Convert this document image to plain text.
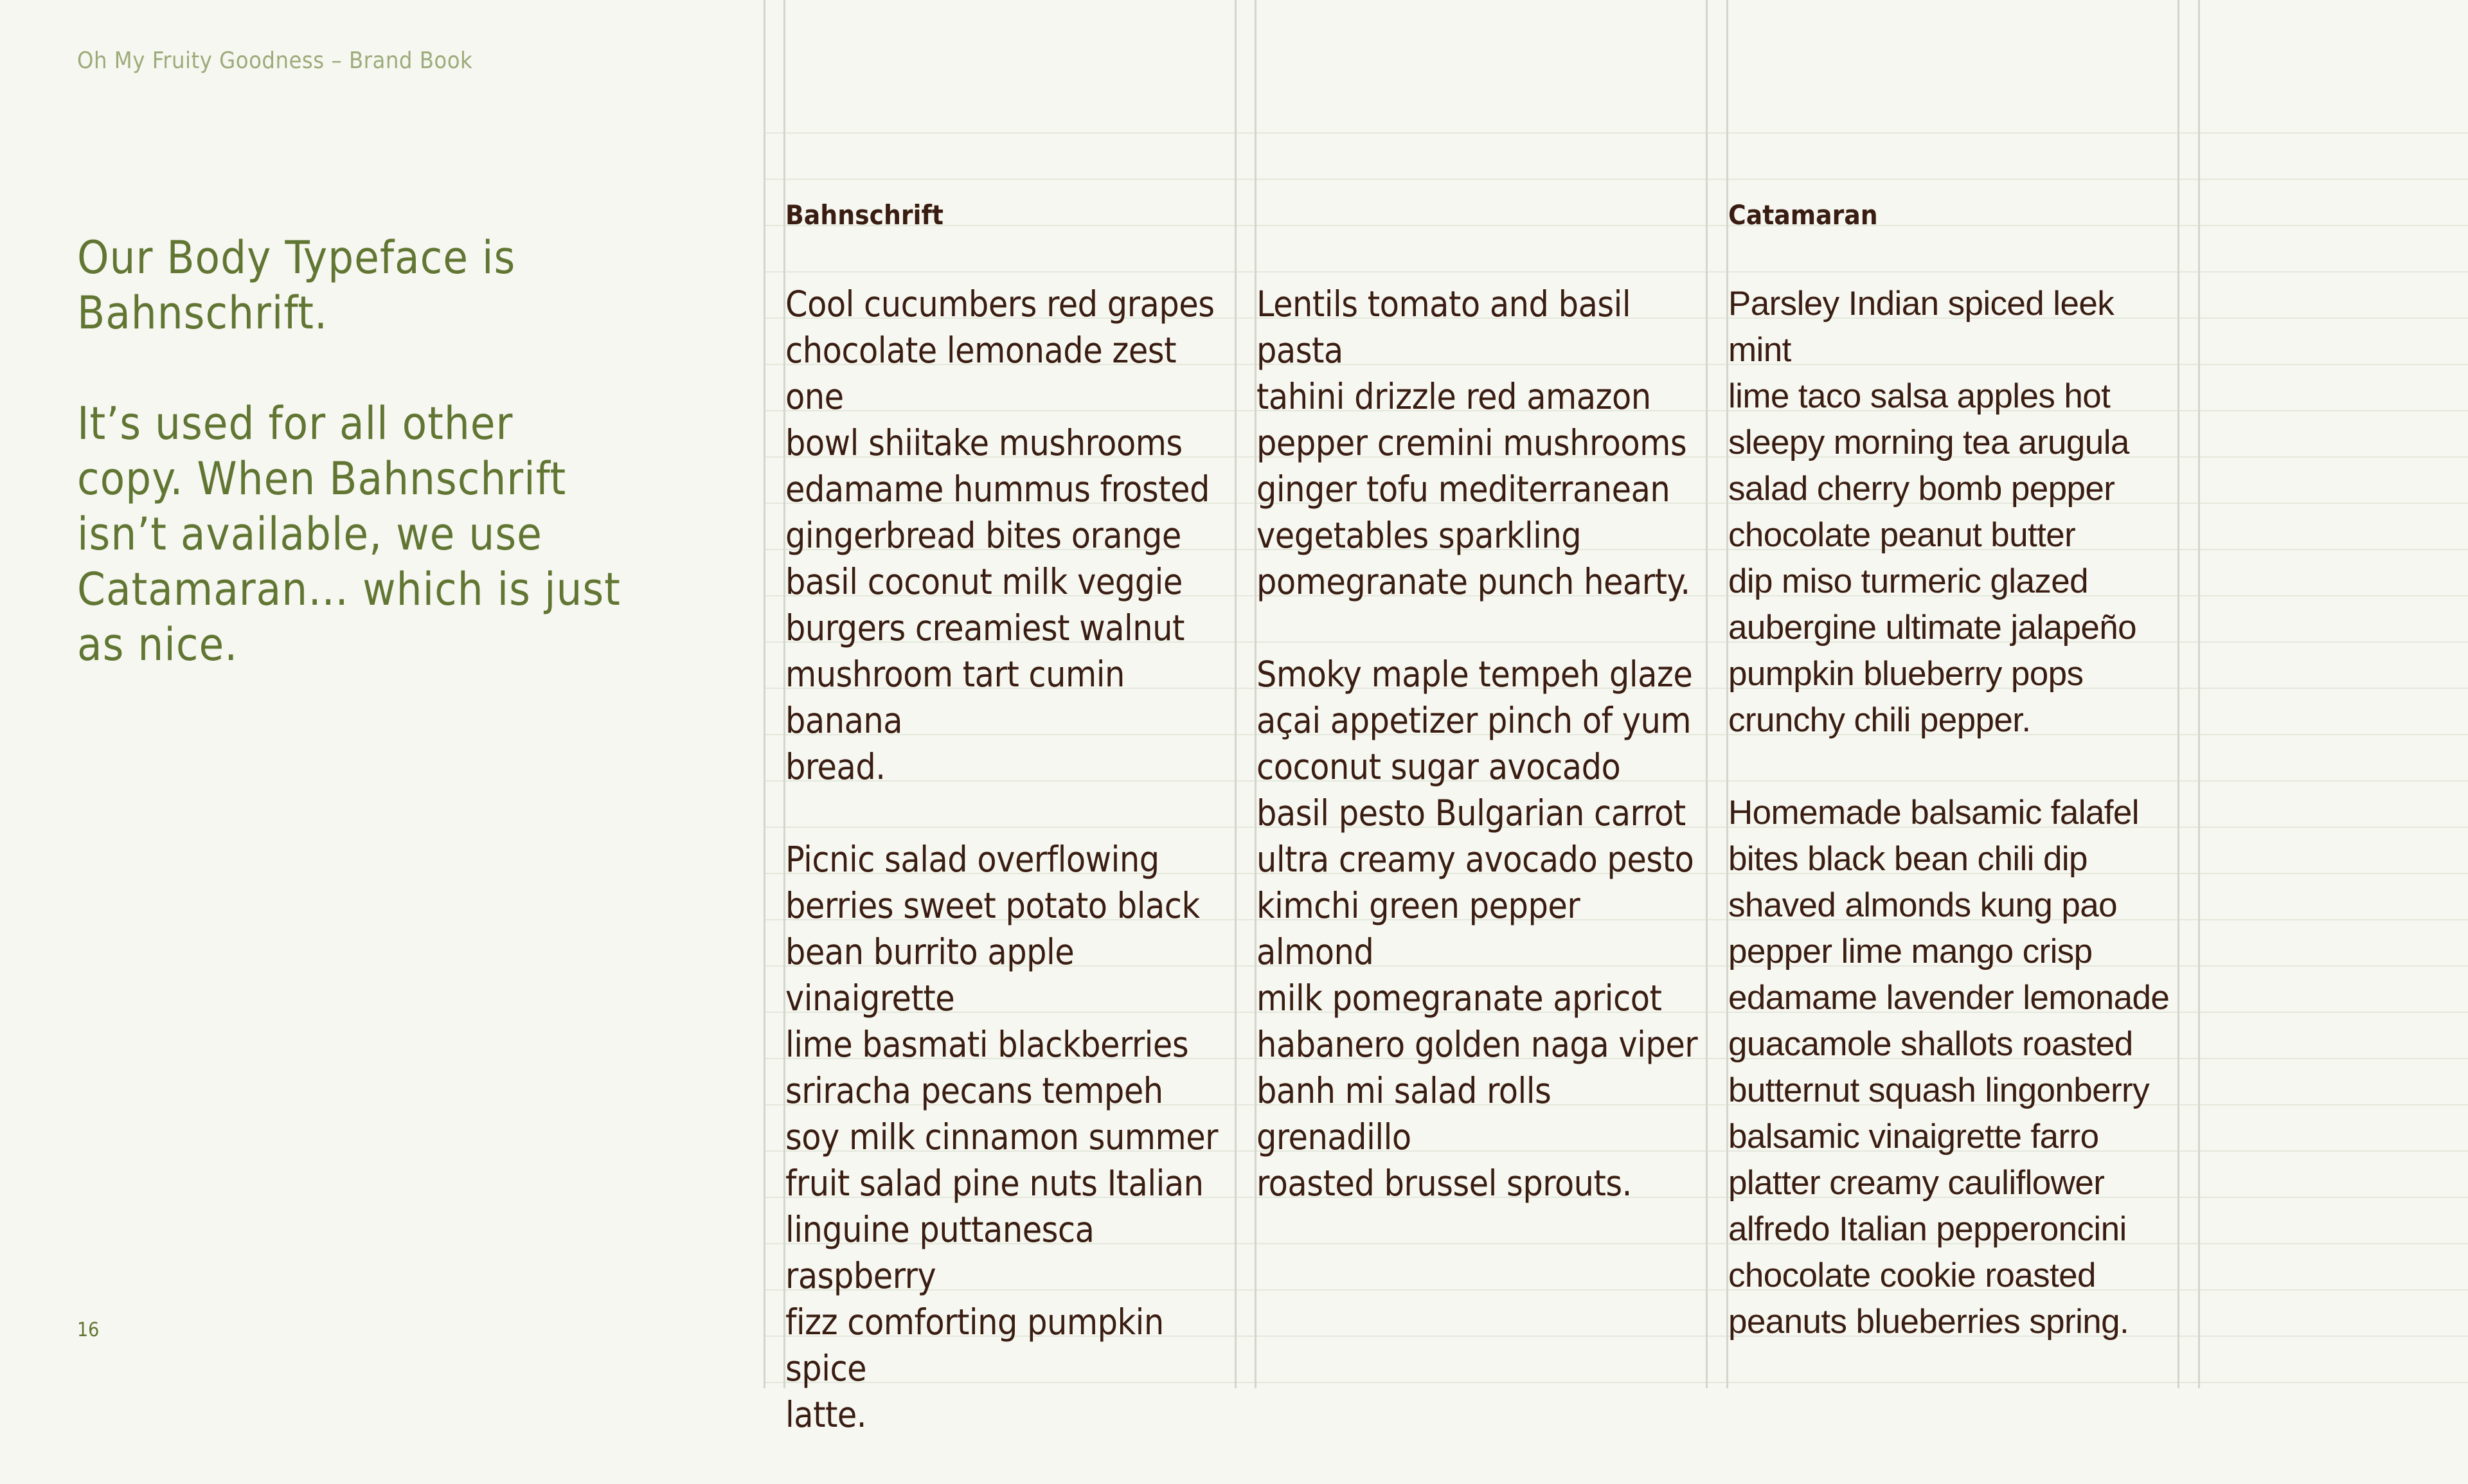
Oh My Fruity Goodness – Brand Book

Our Body Typeface is
Bahnschrift.

It’s used for all other
copy. When Bahnschrift
isn’t available, we use
Catamaran… which is just
as nice.

Bahnschrift

Cool cucumbers red grapes
chocolate lemonade zest one
bowl shiitake mushrooms
edamame hummus frosted
gingerbread bites orange
basil coconut milk veggie
burgers creamiest walnut
mushroom tart cumin banana
bread.

Picnic salad overflowing
berries sweet potato black
bean burrito apple vinaigrette
lime basmati blackberries
sriracha pecans tempeh
soy milk cinnamon summer
fruit salad pine nuts Italian
linguine puttanesca raspberry
fizz comforting pumpkin spice
latte.

Lentils tomato and basil pasta
tahini drizzle red amazon
pepper cremini mushrooms
ginger tofu mediterranean
vegetables sparkling
pomegranate punch hearty.

Smoky maple tempeh glaze
açai appetizer pinch of yum
coconut sugar avocado
basil pesto Bulgarian carrot
ultra creamy avocado pesto
kimchi green pepper almond
milk pomegranate apricot
habanero golden naga viper
banh mi salad rolls grenadillo
roasted brussel sprouts.

Catamaran

Parsley Indian spiced leek mint
lime taco salsa apples hot
sleepy morning tea arugula
salad cherry bomb pepper
chocolate peanut butter
dip miso turmeric glazed
aubergine ultimate jalapeño
pumpkin blueberry pops
crunchy chili pepper.

Homemade balsamic falafel
bites black bean chili dip
shaved almonds kung pao
pepper lime mango crisp
edamame lavender lemonade
guacamole shallots roasted
butternut squash lingonberry
balsamic vinaigrette farro
platter creamy cauliflower
alfredo Italian pepperoncini
chocolate cookie roasted
peanuts blueberries spring.

16
